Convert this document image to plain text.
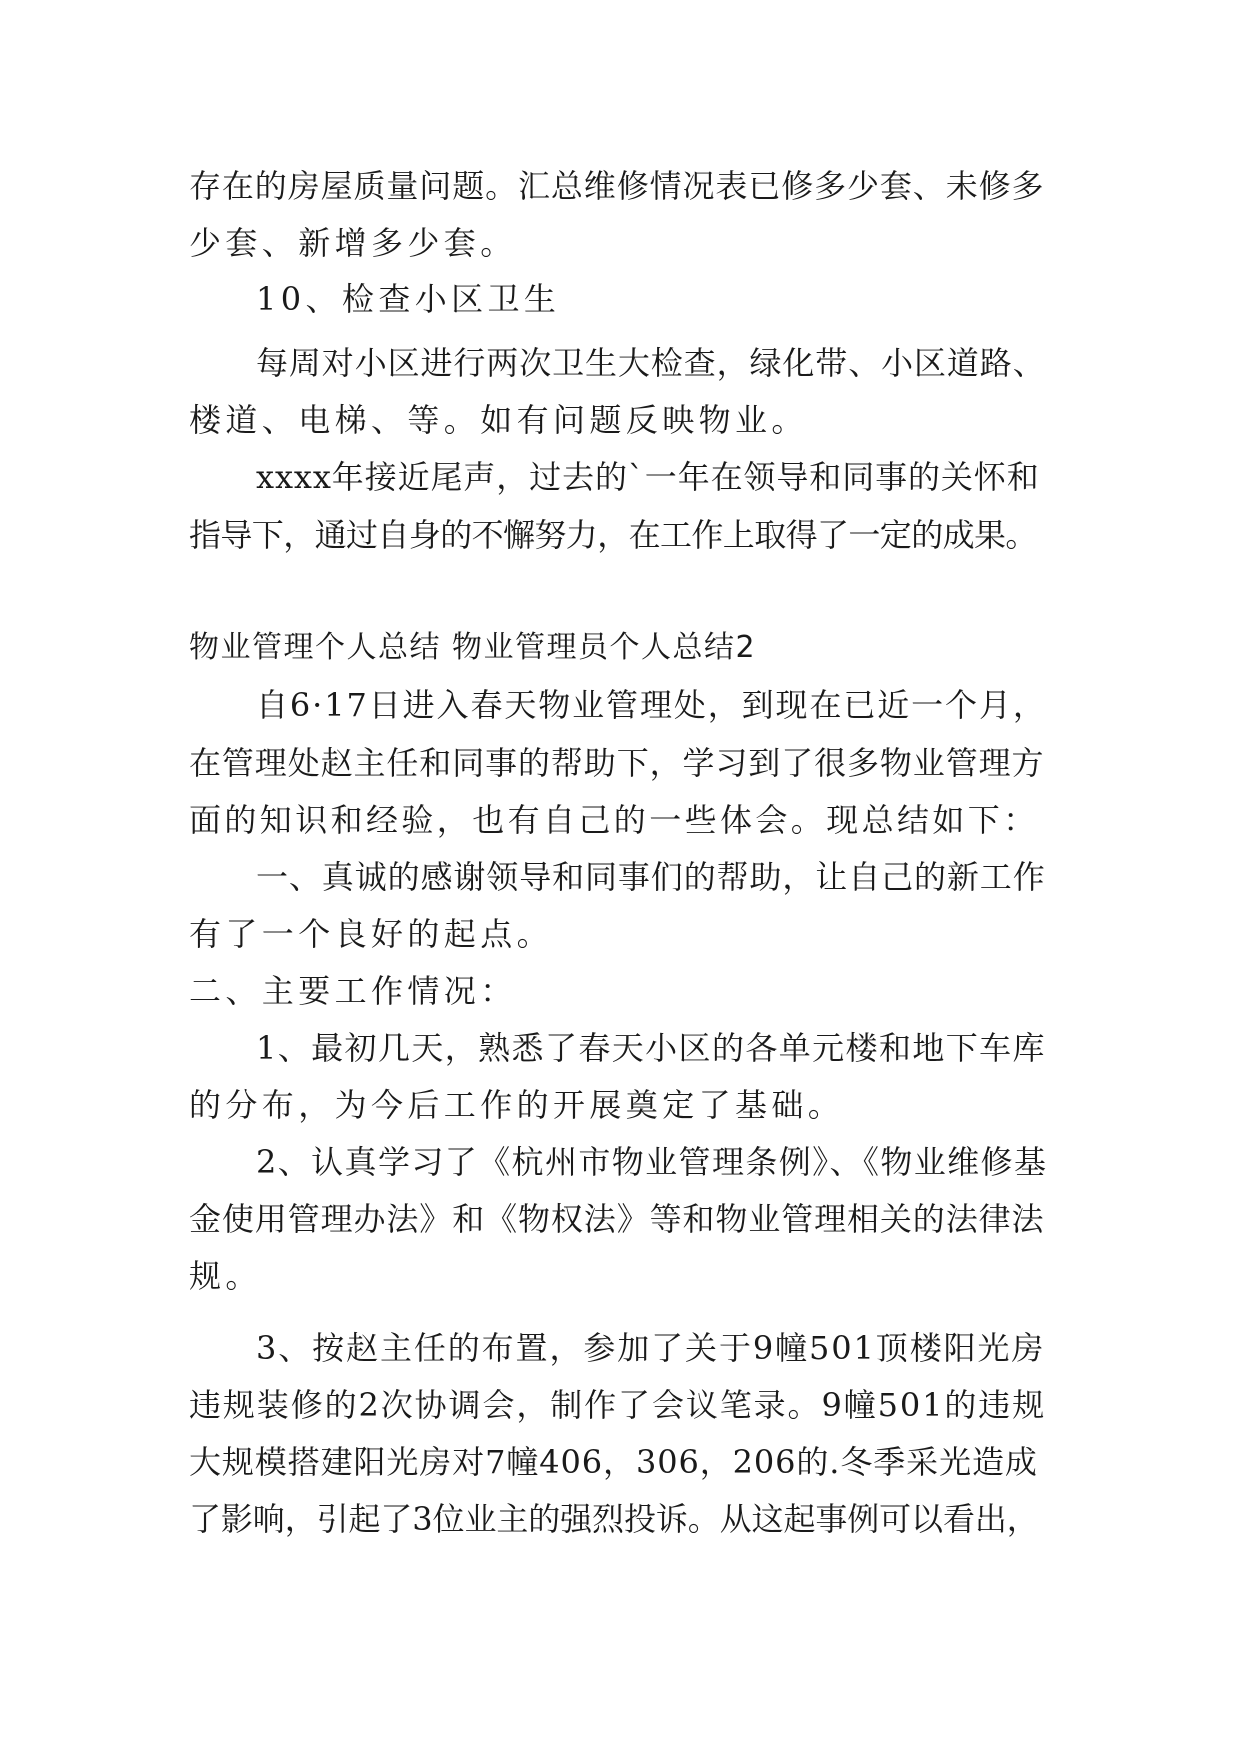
存在的房屋质量问题。汇总维修情况表已修多少套、未修多
少套、新增多少套。
10、检查小区卫生
每周对小区进行两次卫生大检查，绿化带、小区道路、
楼道、电梯、等。如有问题反映物业。
xxxx年接近尾声，过去的`一年在领导和同事的关怀和
指导下，通过自身的不懈努力，在工作上取得了一定的成果。
物业管理个人总结 物业管理员个人总结2
自6·17日进入春天物业管理处，到现在已近一个月，
在管理处赵主任和同事的帮助下，学习到了很多物业管理方
面的知识和经验，也有自己的一些体会。现总结如下：
一、真诚的感谢领导和同事们的帮助，让自己的新工作
有了一个良好的起点。
二、主要工作情况：
1、最初几天，熟悉了春天小区的各单元楼和地下车库
的分布，为今后工作的开展奠定了基础。
2、认真学习了《杭州市物业管理条例》、《物业维修基
金使用管理办法》和《物权法》等和物业管理相关的法律法
规。
3、按赵主任的布置，参加了关于9幢501顶楼阳光房
违规装修的2次协调会，制作了会议笔录。9幢501的违规
大规模搭建阳光房对7幢406，306，206的.冬季采光造成
了影响，引起了3位业主的强烈投诉。从这起事例可以看出，
